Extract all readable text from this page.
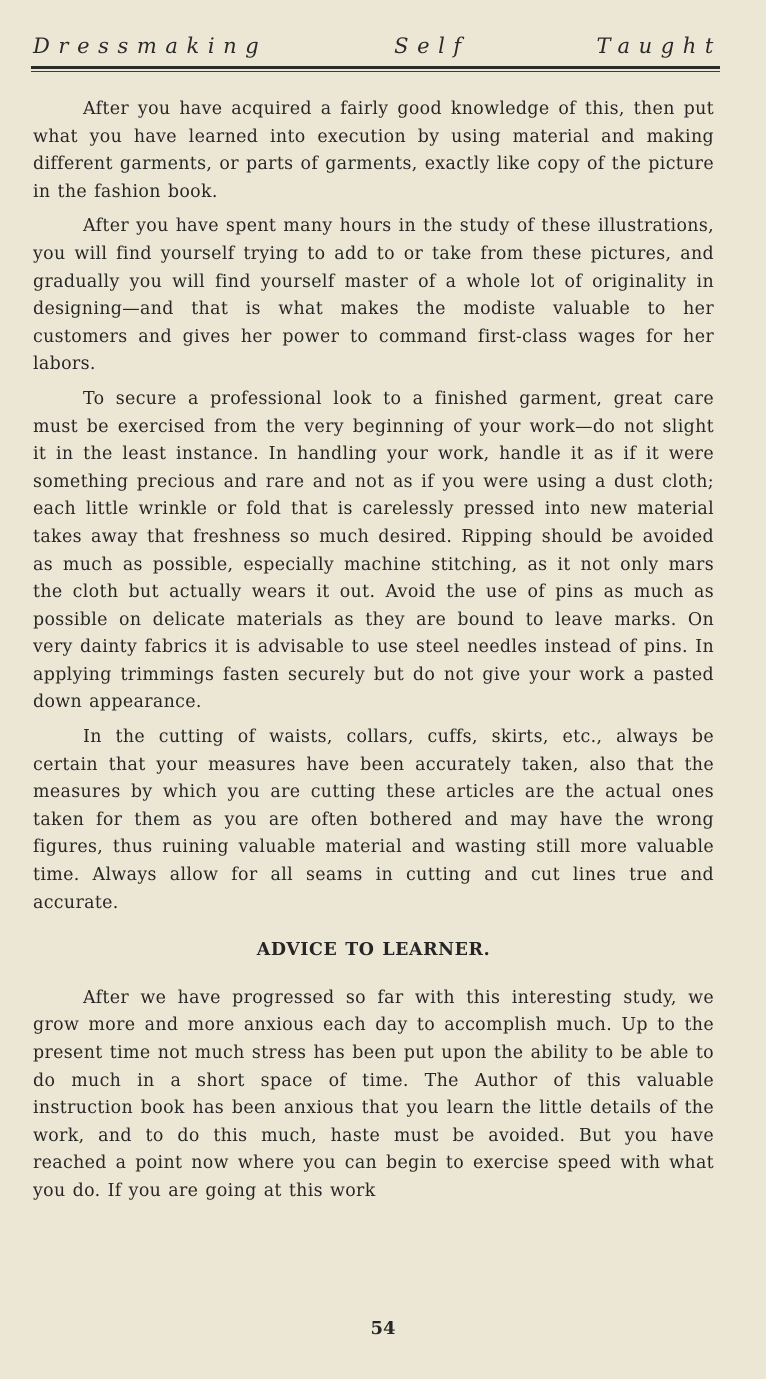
Dressmaking	Self	Taught

After you have acquired a fairly good knowledge of this, then put what you have learned into execution by using material and making different garments, or parts of garments, exactly like copy of the picture in the fashion book.

After you have spent many hours in the study of these illustrations, you will find yourself trying to add to or take from these pictures, and gradually you will find yourself master of a whole lot of originality in designing—and that is what makes the modiste valuable to her customers and gives her power to command first-class wages for her labors.

To secure a professional look to a finished garment, great care must be exercised from the very beginning of your work—do not slight it in the least instance. In handling your work, handle it as if it were something precious and rare and not as if you were using a dust cloth; each little wrinkle or fold that is carelessly pressed into new material takes away that freshness so much desired. Ripping should be avoided as much as possible, especially machine stitching, as it not only mars the cloth but actually wears it out. Avoid the use of pins as much as possible on delicate materials as they are bound to leave marks. On very dainty fabrics it is advisable to use steel needles instead of pins. In applying trimmings fasten securely but do not give your work a pasted down appearance.

In the cutting of waists, collars, cuffs, skirts, etc., always be certain that your measures have been accurately taken, also that the measures by which you are cutting these articles are the actual ones taken for them as you are often bothered and may have the wrong figures, thus ruining valuable material and wasting still more valuable time. Always allow for all seams in cutting and cut lines true and accurate.

ADVICE TO LEARNER.

After we have progressed so far with this interesting study, we grow more and more anxious each day to accomplish much. Up to the present time not much stress has been put upon the ability to be able to do much in a short space of time. The Author of this valuable instruction book has been anxious that you learn the little details of the work, and to do this much, haste must be avoided. But you have reached a point now where you can begin to exercise speed with what you do. If you are going at this work

54
